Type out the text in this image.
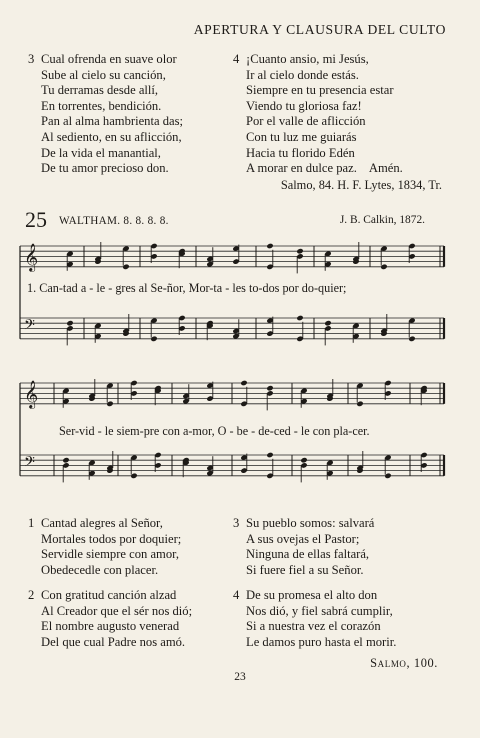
APERTURA Y CLAUSURA DEL CULTO
3 Cual ofrenda en suave olor
Sube al cielo su canción,
Tu derramas desde allí,
En torrentes, bendición.
Pan al alma hambrienta das;
Al sediento, en su aflicción,
De la vida el manantial,
De tu amor precioso don.
4 ¡Cuanto ansio, mi Jesús,
Ir al cielo donde estás.
Siempre en tu presencia estar
Viendo tu gloriosa faz!
Por el valle de aflicción
Con tu luz me guiarás
Hacia tu florido Edén
A morar en dulce paz. Amén.
Salmo, 84. H. F. Lytes, 1834, Tr.
25 WALTHAM. 8. 8. 8. 8.	J. B. Calkin, 1872.
𝄞
𝄢
1. Can-tad a - le - gres al Se-ñor, Mor-ta - les to-dos por do-quier;
𝄞
𝄢
Ser-vid - le siem-pre con a-mor, O - be - de-ced - le con pla-cer.
1 Cantad alegres al Señor,
Mortales todos por doquier;
Servidle siempre con amor,
Obedecedle con placer.
2 Con gratitud canción alzad
Al Creador que el sér nos dió;
El nombre augusto venerad
Del que cual Padre nos amó.
3 Su pueblo somos: salvará
A sus ovejas el Pastor;
Ninguna de ellas faltará,
Si fuere fiel a su Señor.
4 De su promesa el alto don
Nos dió, y fiel sabrá cumplir,
Si a nuestra vez el corazón
Le damos puro hasta el morir.
Salmo, 100.
23
